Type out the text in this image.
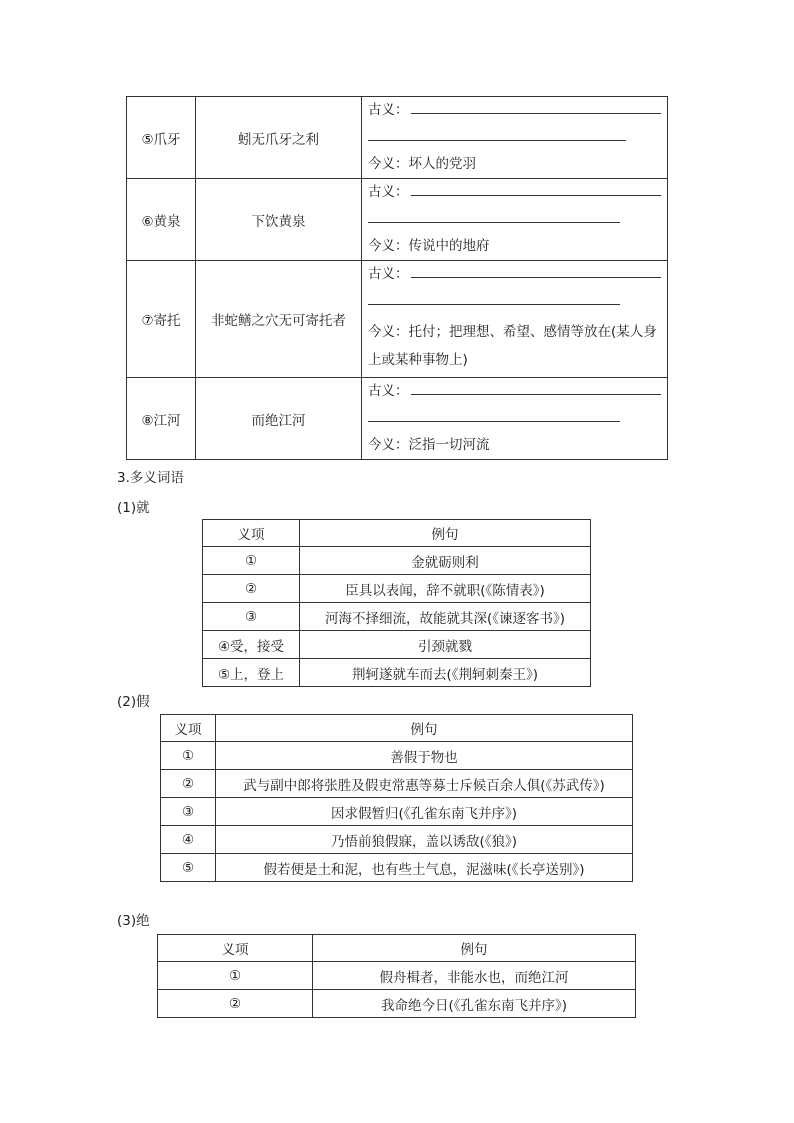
⑤爪牙	蚓无爪牙之利	古义：
今义：坏人的党羽

⑥黄泉	下饮黄泉	古义：
今义：传说中的地府

⑦寄托	非蛇鳝之穴无可寄托者	古义：
今义：托付；把理想、希望、感情等放在(某人身上或某种事物上)

⑧江河	而绝江河	古义：
今义：泛指一切河流
3.多义词语
(1)就
义项	例句
①	金就砺则利
②	臣具以表闻，辞不就职(《陈情表》)
③	河海不择细流，故能就其深(《谏逐客书》)
④受，接受	引颈就戮
⑤上，登上	荆轲遂就车而去(《荆轲刺秦王》)
(2)假
义项	例句
①	善假于物也
②	武与副中郎将张胜及假吏常惠等募士斥候百余人俱(《苏武传》)
③	因求假暂归(《孔雀东南飞并序》)
④	乃悟前狼假寐，盖以诱敌(《狼》)
⑤	假若便是土和泥，也有些土气息，泥滋味(《长亭送别》)
(3)绝
义项	例句
①	假舟楫者，非能水也，而绝江河
②	我命绝今日(《孔雀东南飞并序》)
